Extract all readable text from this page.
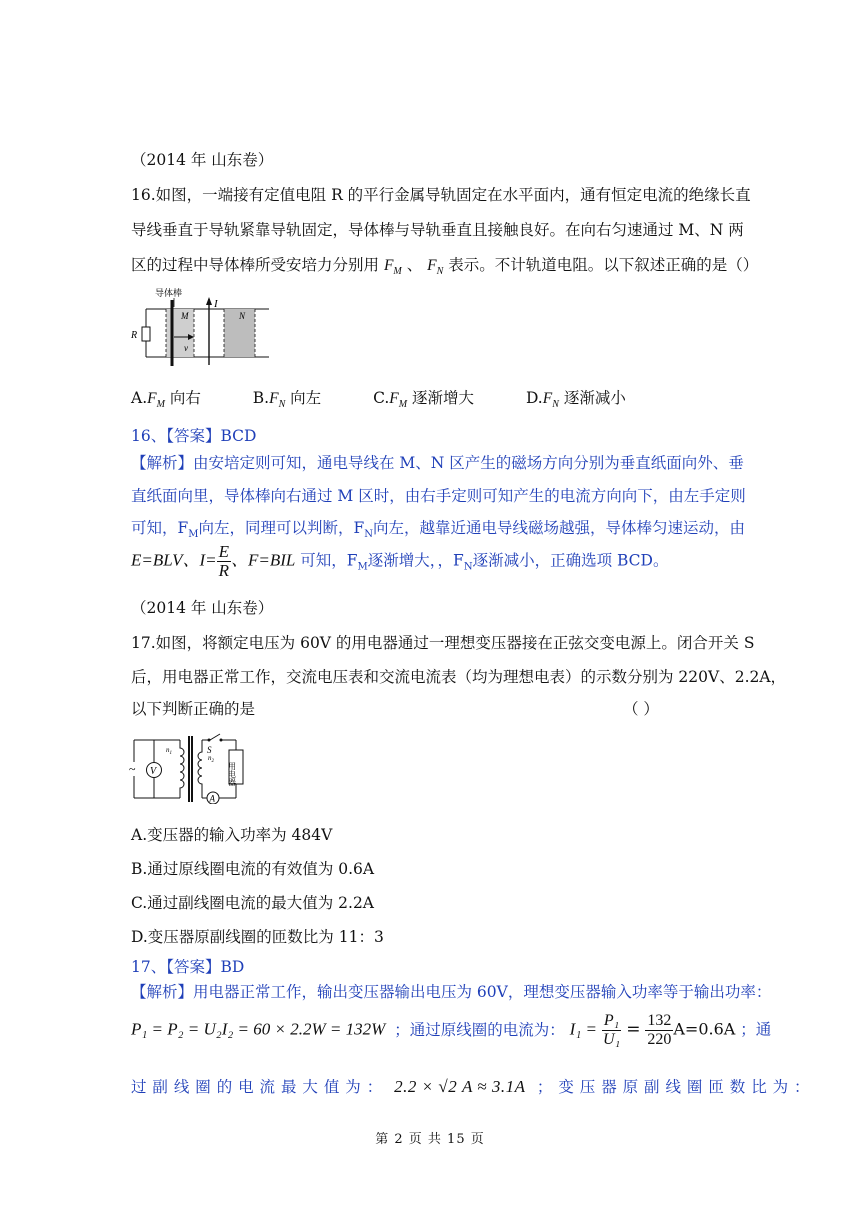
（2014 年 山东卷）
16.如图，一端接有定值电阻 R 的平行金属导轨固定在水平面内，通有恒定电流的绝缘长直
导线垂直于导轨紧靠导轨固定，导体棒与导轨垂直且接触良好。在向右匀速通过 M、N 两
区的过程中导体棒所受安培力分别用 $F_M$ 、 $F_N$ 表示。不计轨道电阻。以下叙述正确的是（）
导体棒
R
M
v
I
N
$A.F_M$ 向右	$B.F_N$ 向左	$C.F_M$ 逐渐增大	$D.F_N$ 逐渐减小
16、【答案】BCD
【解析】由安培定则可知，通电导线在 M、N 区产生的磁场方向分别为垂直纸面向外、垂
直纸面向里，导体棒向右通过 M 区时，由右手定则可知产生的电流方向向下，由左手定则
可知，$F_M$向左，同理可以判断，$F_N$向左，越靠近通电导线磁场越强，导体棒匀速运动，由
E=BLV、$I= \frac{E}{R}$ 、F=BIL 可知，$F_M$逐渐增大，，$F_N$逐渐减小，正确选项 BCD。
（2014 年 山东卷）
17.如图，将额定电压为 60V 的用电器通过一理想变压器接在正弦交变电源上。闭合开关 S
后，用电器正常工作，交流电压表和交流电流表（均为理想电表）的示数分别为 220V、2.2A，
以下判断正确的是	（ ）
~ V
$n_1$
$n_2$
S
用电器
A
A.变压器的输入功率为 484V
B.通过原线圈电流的有效值为 0.6A
C.通过副线圈电流的最大值为 2.2A
D.变压器原副线圈的匝数比为 11：3
17、【答案】BD
【解析】用电器正常工作，输出变压器输出电压为 60V，理想变压器输入功率等于输出功率：
P₁ = P₂ = U₂I₂ = 60 × 2.2W = 132W ；通过原线圈的电流为： $I_1 = \frac{\text{P₁}}{\text{U₁}} = \frac{132}{220} A=0.6A$ ；通
过 副 线 圈 的 电 流 最 大 值 为 ： 2.2 × √2 A ≈ 3.1A ； 变 压 器 原 副 线 圈 匝 数 比 为 ：
第 2 页 共 15 页
